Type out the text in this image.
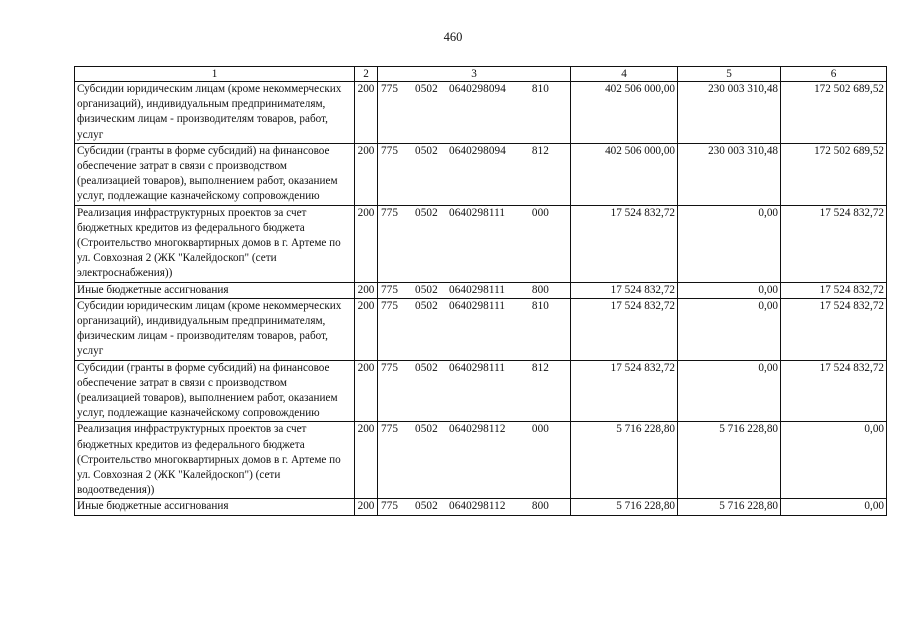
460
1	2	3	4	5	6
Субсидии юридическим лицам (кроме некоммерческих организаций), индивидуальным предпринимателям, физическим лицам - производителям товаров, работ, услуг	200	775 0502 0640298094 810	402 506 000,00	230 003 310,48	172 502 689,52
Субсидии (гранты в форме субсидий) на финансовое обеспечение затрат в связи с производством (реализацией товаров), выполнением работ, оказанием услуг, подлежащие казначейскому сопровождению	200	775 0502 0640298094 812	402 506 000,00	230 003 310,48	172 502 689,52
Реализация инфраструктурных проектов за счет бюджетных кредитов из федерального бюджета (Строительство многоквартирных домов в г. Артеме по ул. Совхозная 2 (ЖК "Калейдоскоп" (сети электроснабжения))	200	775 0502 0640298111 000	17 524 832,72	0,00	17 524 832,72
Иные бюджетные ассигнования	200	775 0502 0640298111 800	17 524 832,72	0,00	17 524 832,72
Субсидии юридическим лицам (кроме некоммерческих организаций), индивидуальным предпринимателям, физическим лицам - производителям товаров, работ, услуг	200	775 0502 0640298111 810	17 524 832,72	0,00	17 524 832,72
Субсидии (гранты в форме субсидий) на финансовое обеспечение затрат в связи с производством (реализацией товаров), выполнением работ, оказанием услуг, подлежащие казначейскому сопровождению	200	775 0502 0640298111 812	17 524 832,72	0,00	17 524 832,72
Реализация инфраструктурных проектов за счет бюджетных кредитов из федерального бюджета (Строительство многоквартирных домов в г. Артеме по ул. Совхозная 2 (ЖК "Калейдоскоп") (сети водоотведения))	200	775 0502 0640298112 000	5 716 228,80	5 716 228,80	0,00
Иные бюджетные ассигнования	200	775 0502 0640298112 800	5 716 228,80	5 716 228,80	0,00
